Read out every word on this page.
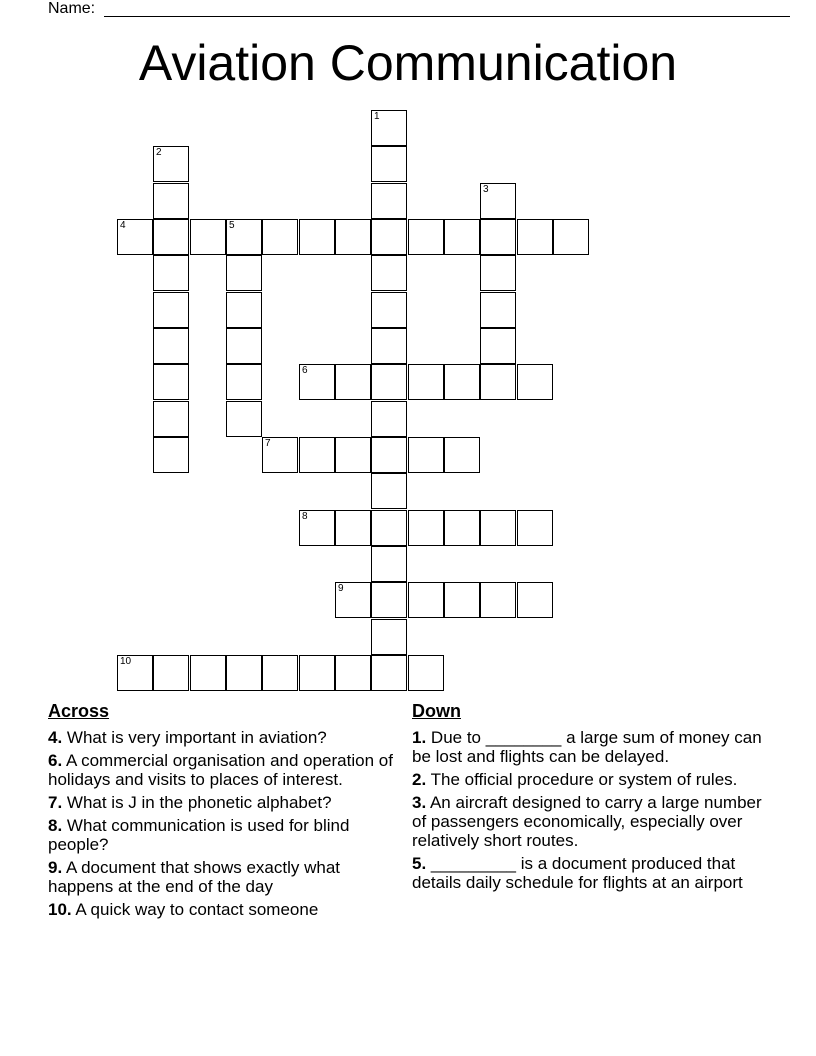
Name:
Aviation Communication
1
2
3
4	5
6
7
8
9
10
Across
4. What is very important in aviation?
6. A commercial organisation and operation of holidays and visits to places of interest.
7. What is J in the phonetic alphabet?
8. What communication is used for blind people?
9. A document that shows exactly what happens at the end of the day
10. A quick way to contact someone
Down
1. Due to ________ a large sum of money can be lost and flights can be delayed.
2. The official procedure or system of rules.
3. An aircraft designed to carry a large number of passengers economically, especially over relatively short routes.
5. _________ is a document produced that details daily schedule for flights at an airport
